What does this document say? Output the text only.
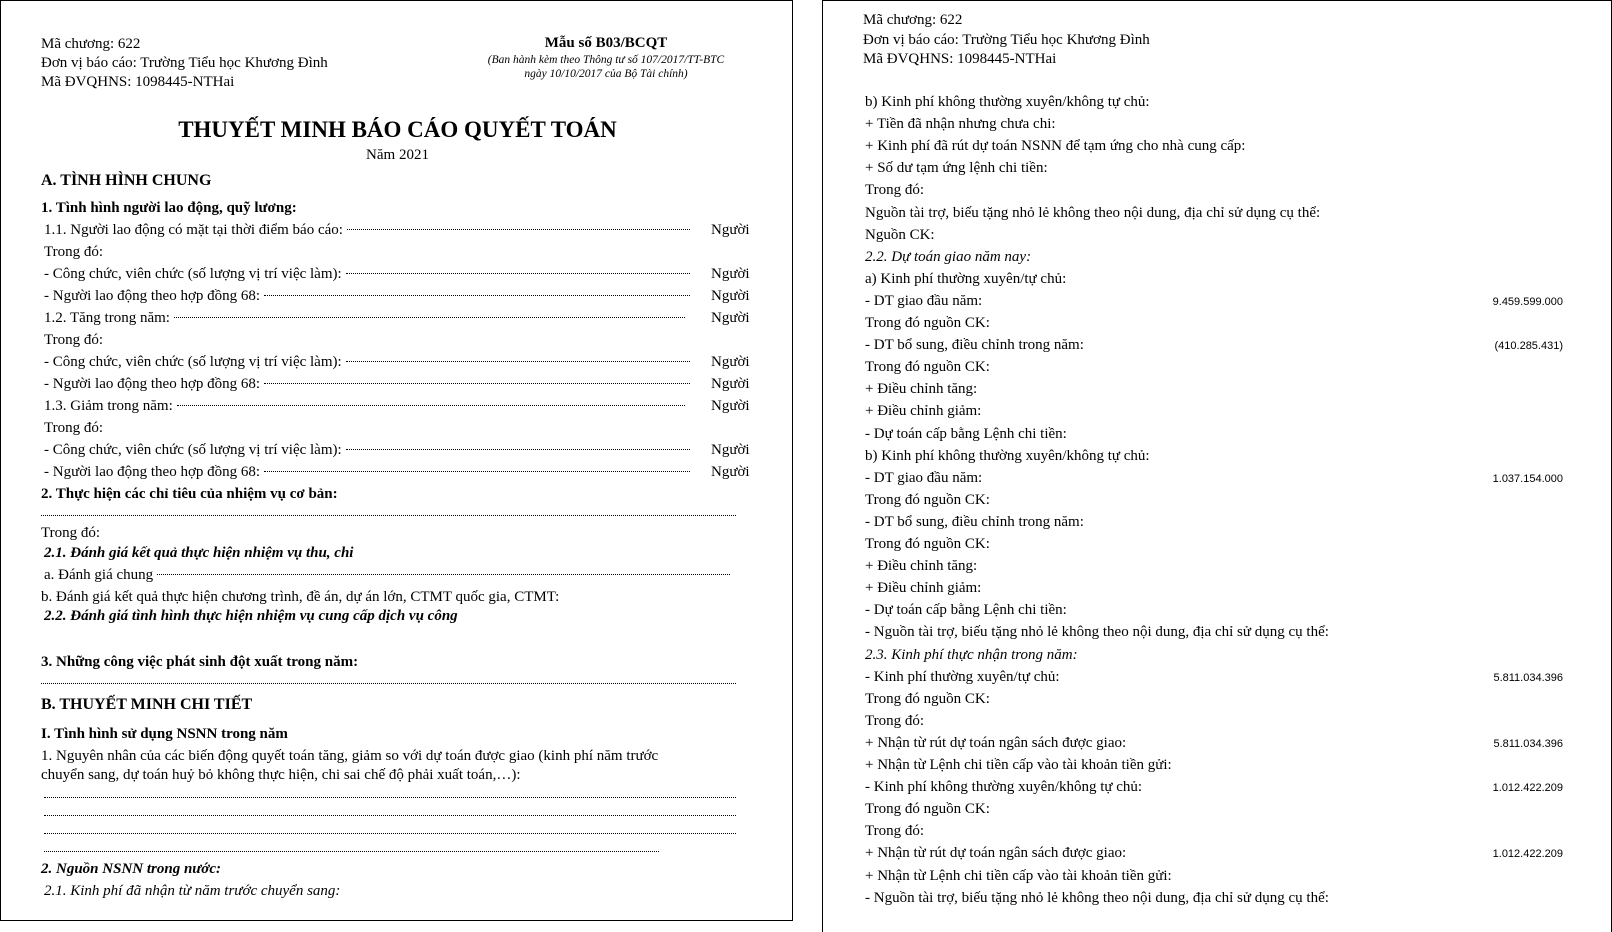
Mã chương: 622
Đơn vị báo cáo: Trường Tiểu học Khương Đình
Mã ĐVQHNS: 1098445-NTHai
Mẫu số B03/BCQT
(Ban hành kèm theo Thông tư số 107/2017/TT-BTC
ngày 10/10/2017 của Bộ Tài chính)
THUYẾT MINH BÁO CÁO QUYẾT TOÁN
Năm 2021
A. TÌNH HÌNH CHUNG
1. Tình hình người lao động, quỹ lương:
1.1. Người lao động có mặt tại thời điểm báo cáo:	Người
Trong đó:
- Công chức, viên chức (số lượng vị trí việc làm):	Người
- Người lao động theo hợp đồng 68:	Người
1.2. Tăng trong năm:	Người
Trong đó:
- Công chức, viên chức (số lượng vị trí việc làm):	Người
- Người lao động theo hợp đồng 68:	Người
1.3. Giảm trong năm:	Người
Trong đó:
- Công chức, viên chức (số lượng vị trí việc làm):	Người
- Người lao động theo hợp đồng 68:	Người
2. Thực hiện các chỉ tiêu của nhiệm vụ cơ bản:
Trong đó:
2.1. Đánh giá kết quả thực hiện nhiệm vụ thu, chi
a. Đánh giá chung
b. Đánh giá kết quả thực hiện chương trình, đề án, dự án lớn, CTMT quốc gia, CTMT:
2.2. Đánh giá tình hình thực hiện nhiệm vụ cung cấp dịch vụ công
3. Những công việc phát sinh đột xuất trong năm:
B. THUYẾT MINH CHI TIẾT
I. Tình hình sử dụng NSNN trong năm
1. Nguyên nhân của các biến động quyết toán tăng, giảm so với dự toán được giao (kinh phí năm trước
chuyển sang, dự toán huỷ bỏ không thực hiện, chi sai chế độ phải xuất toán,…):
2. Nguồn NSNN trong nước:
2.1. Kinh phí đã nhận từ năm trước chuyển sang:
Mã chương: 622
Đơn vị báo cáo: Trường Tiểu học Khương Đình
Mã ĐVQHNS: 1098445-NTHai
b) Kinh phí không thường xuyên/không tự chủ:
+ Tiền đã nhận nhưng chưa chi:
+ Kinh phí đã rút dự toán NSNN để tạm ứng cho nhà cung cấp:
+ Số dư tạm ứng lệnh chi tiền:
Trong đó:
Nguồn tài trợ, biếu tặng nhỏ lẻ không theo nội dung, địa chỉ sử dụng cụ thể:
Nguồn CK:
2.2. Dự toán giao năm nay:
a) Kinh phí thường xuyên/tự chủ:
- DT giao đầu năm:	9.459.599.000
Trong đó nguồn CK:
- DT bổ sung, điều chỉnh trong năm:	(410.285.431)
Trong đó nguồn CK:
+ Điều chỉnh tăng:
+ Điều chỉnh giảm:
- Dự toán cấp bằng Lệnh chi tiền:
b) Kinh phí không thường xuyên/không tự chủ:
- DT giao đầu năm:	1.037.154.000
Trong đó nguồn CK:
- DT bổ sung, điều chỉnh trong năm:
Trong đó nguồn CK:
+ Điều chỉnh tăng:
+ Điều chỉnh giảm:
- Dự toán cấp bằng Lệnh chi tiền:
- Nguồn tài trợ, biếu tặng nhỏ lẻ không theo nội dung, địa chỉ sử dụng cụ thể:
2.3. Kinh phí thực nhận trong năm:
- Kinh phí thường xuyên/tự chủ:	5.811.034.396
Trong đó nguồn CK:
Trong đó:
+ Nhận từ rút dự toán ngân sách được giao:	5.811.034.396
+ Nhận từ Lệnh chi tiền cấp vào tài khoản tiền gửi:
- Kinh phí không thường xuyên/không tự chủ:	1.012.422.209
Trong đó nguồn CK:
Trong đó:
+ Nhận từ rút dự toán ngân sách được giao:	1.012.422.209
+ Nhận từ Lệnh chi tiền cấp vào tài khoản tiền gửi:
- Nguồn tài trợ, biếu tặng nhỏ lẻ không theo nội dung, địa chỉ sử dụng cụ thể:
